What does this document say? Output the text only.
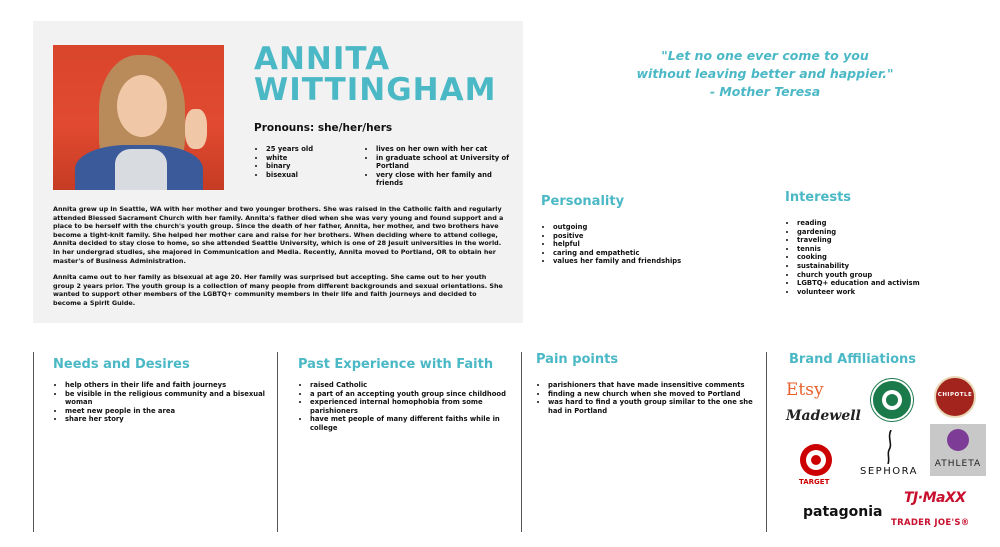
ANNITA
WITTINGHAM
Pronouns: she/her/hers
• 25 years old
• white
• binary
• bisexual
• lives on her own with her cat
• in graduate school at University of Portland
• very close with her family and friends

Annita grew up in Seattle, WA with her mother and two younger brothers. She was raised in the Catholic faith and regularly attended Blessed Sacrament Church with her family. Annita's father died when she was very young and found support and a place to be herself with the church's youth group. Since the death of her father, Annita, her mother, and two brothers have become a tight-knit family. She helped her mother care and raise for her brothers. When deciding where to attend college, Annita decided to stay close to home, so she attended Seattle University, which is one of 28 Jesuit universities in the world. In her undergrad studies, she majored in Communication and Media. Recently, Annita moved to Portland, OR to obtain her master's of Business Administration.

Annita came out to her family as bisexual at age 20. Her family was surprised but accepting. She came out to her youth group 2 years prior. The youth group is a collection of many people from different backgrounds and sexual orientations. She wanted to support other members of the LGBTQ+ community members in their life and faith journeys and decided to become a Spirit Guide.

"Let no one ever come to you
without leaving better and happier."
- Mother Teresa
Personality
• outgoing
• positive
• helpful
• caring and empathetic
• values her family and friendships
Interests
• reading
• gardening
• traveling
• tennis
• cooking
• sustainability
• church youth group
• LGBTQ+ education and activism
• volunteer work
Needs and Desires
• help others in their life and faith journeys
• be visible in the religious community and a bisexual woman
• meet new people in the area
• share her story
Past Experience with Faith
• raised Catholic
• a part of an accepting youth group since childhood
• experienced internal homophobia from some parishioners
• have met people of many different faiths while in college
Pain points
• parishioners that have made insensitive comments
• finding a new church when she moved to Portland
• was hard to find a youth group similar to the one she had in Portland
Brand Affiliations
Etsy	CHIPOTLE
Madewell
SEPHORA
ATHLETA
TARGET
TJ·MaXX
patagonia
TRADER JOE'S®
